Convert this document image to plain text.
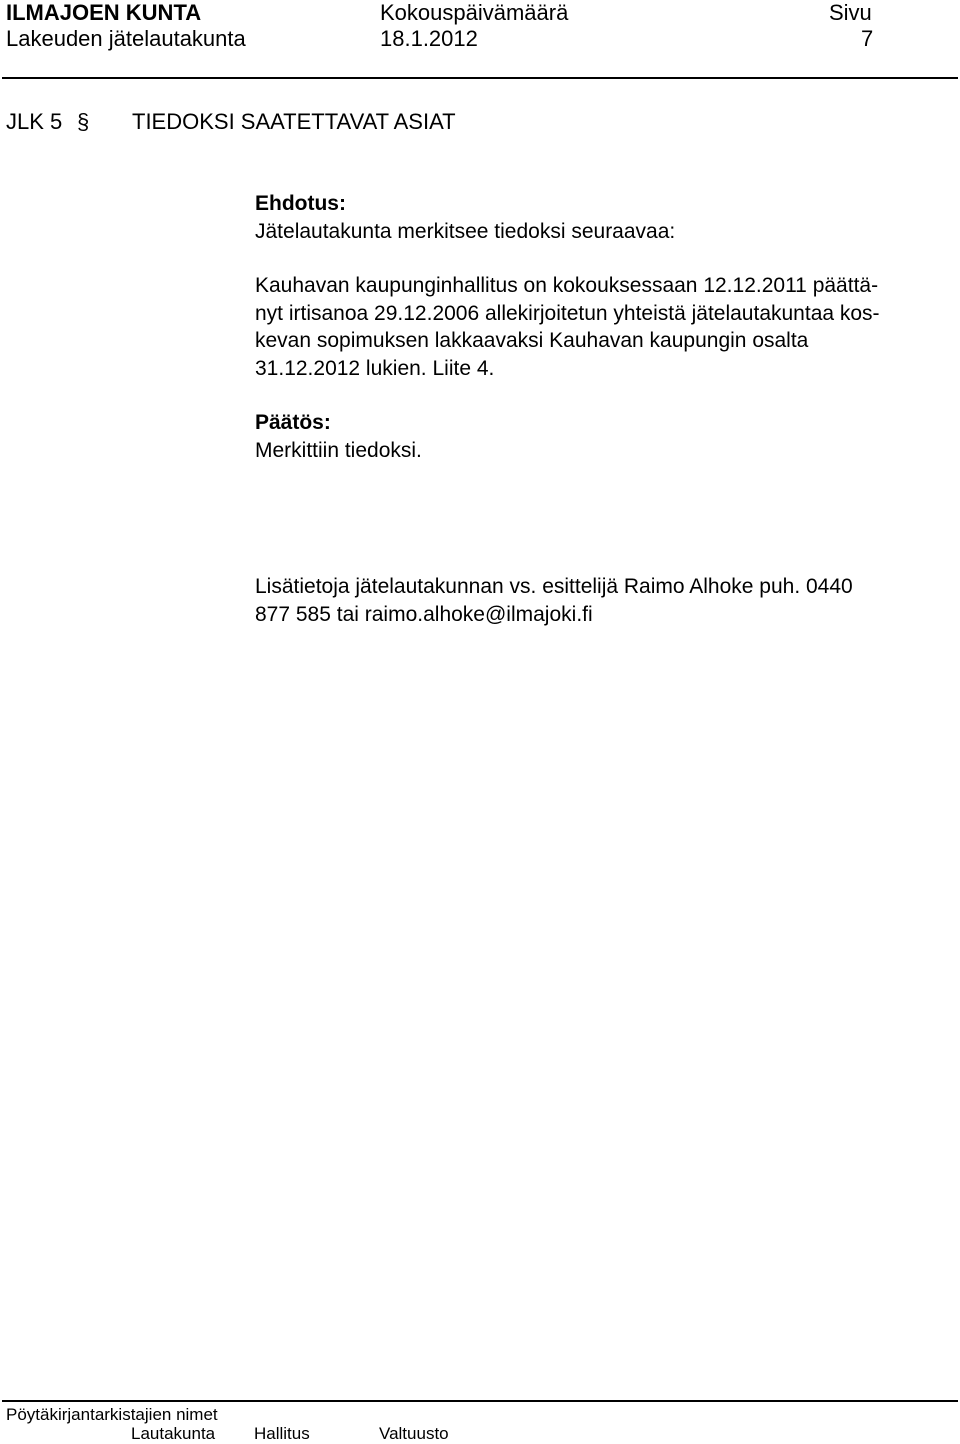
ILMAJOEN KUNTA	Kokouspäivämäärä	Sivu
Lakeuden jätelautakunta	18.1.2012	7
JLK 5 § TIEDOKSI SAATETTAVAT ASIAT
Ehdotus:
Jätelautakunta merkitsee tiedoksi seuraavaa:
Kauhavan kaupunginhallitus on kokouksessaan 12.12.2011 päättä-
nyt irtisanoa 29.12.2006 allekirjoitetun yhteistä jätelautakuntaa kos-
kevan sopimuksen lakkaavaksi Kauhavan kaupungin osalta
31.12.2012 lukien. Liite 4.
Päätös:
Merkittiin tiedoksi.
Lisätietoja jätelautakunnan vs. esittelijä Raimo Alhoke puh. 0440
877 585 tai raimo.alhoke@ilmajoki.fi
Pöytäkirjantarkistajien nimet
Lautakunta Hallitus	Valtuusto
